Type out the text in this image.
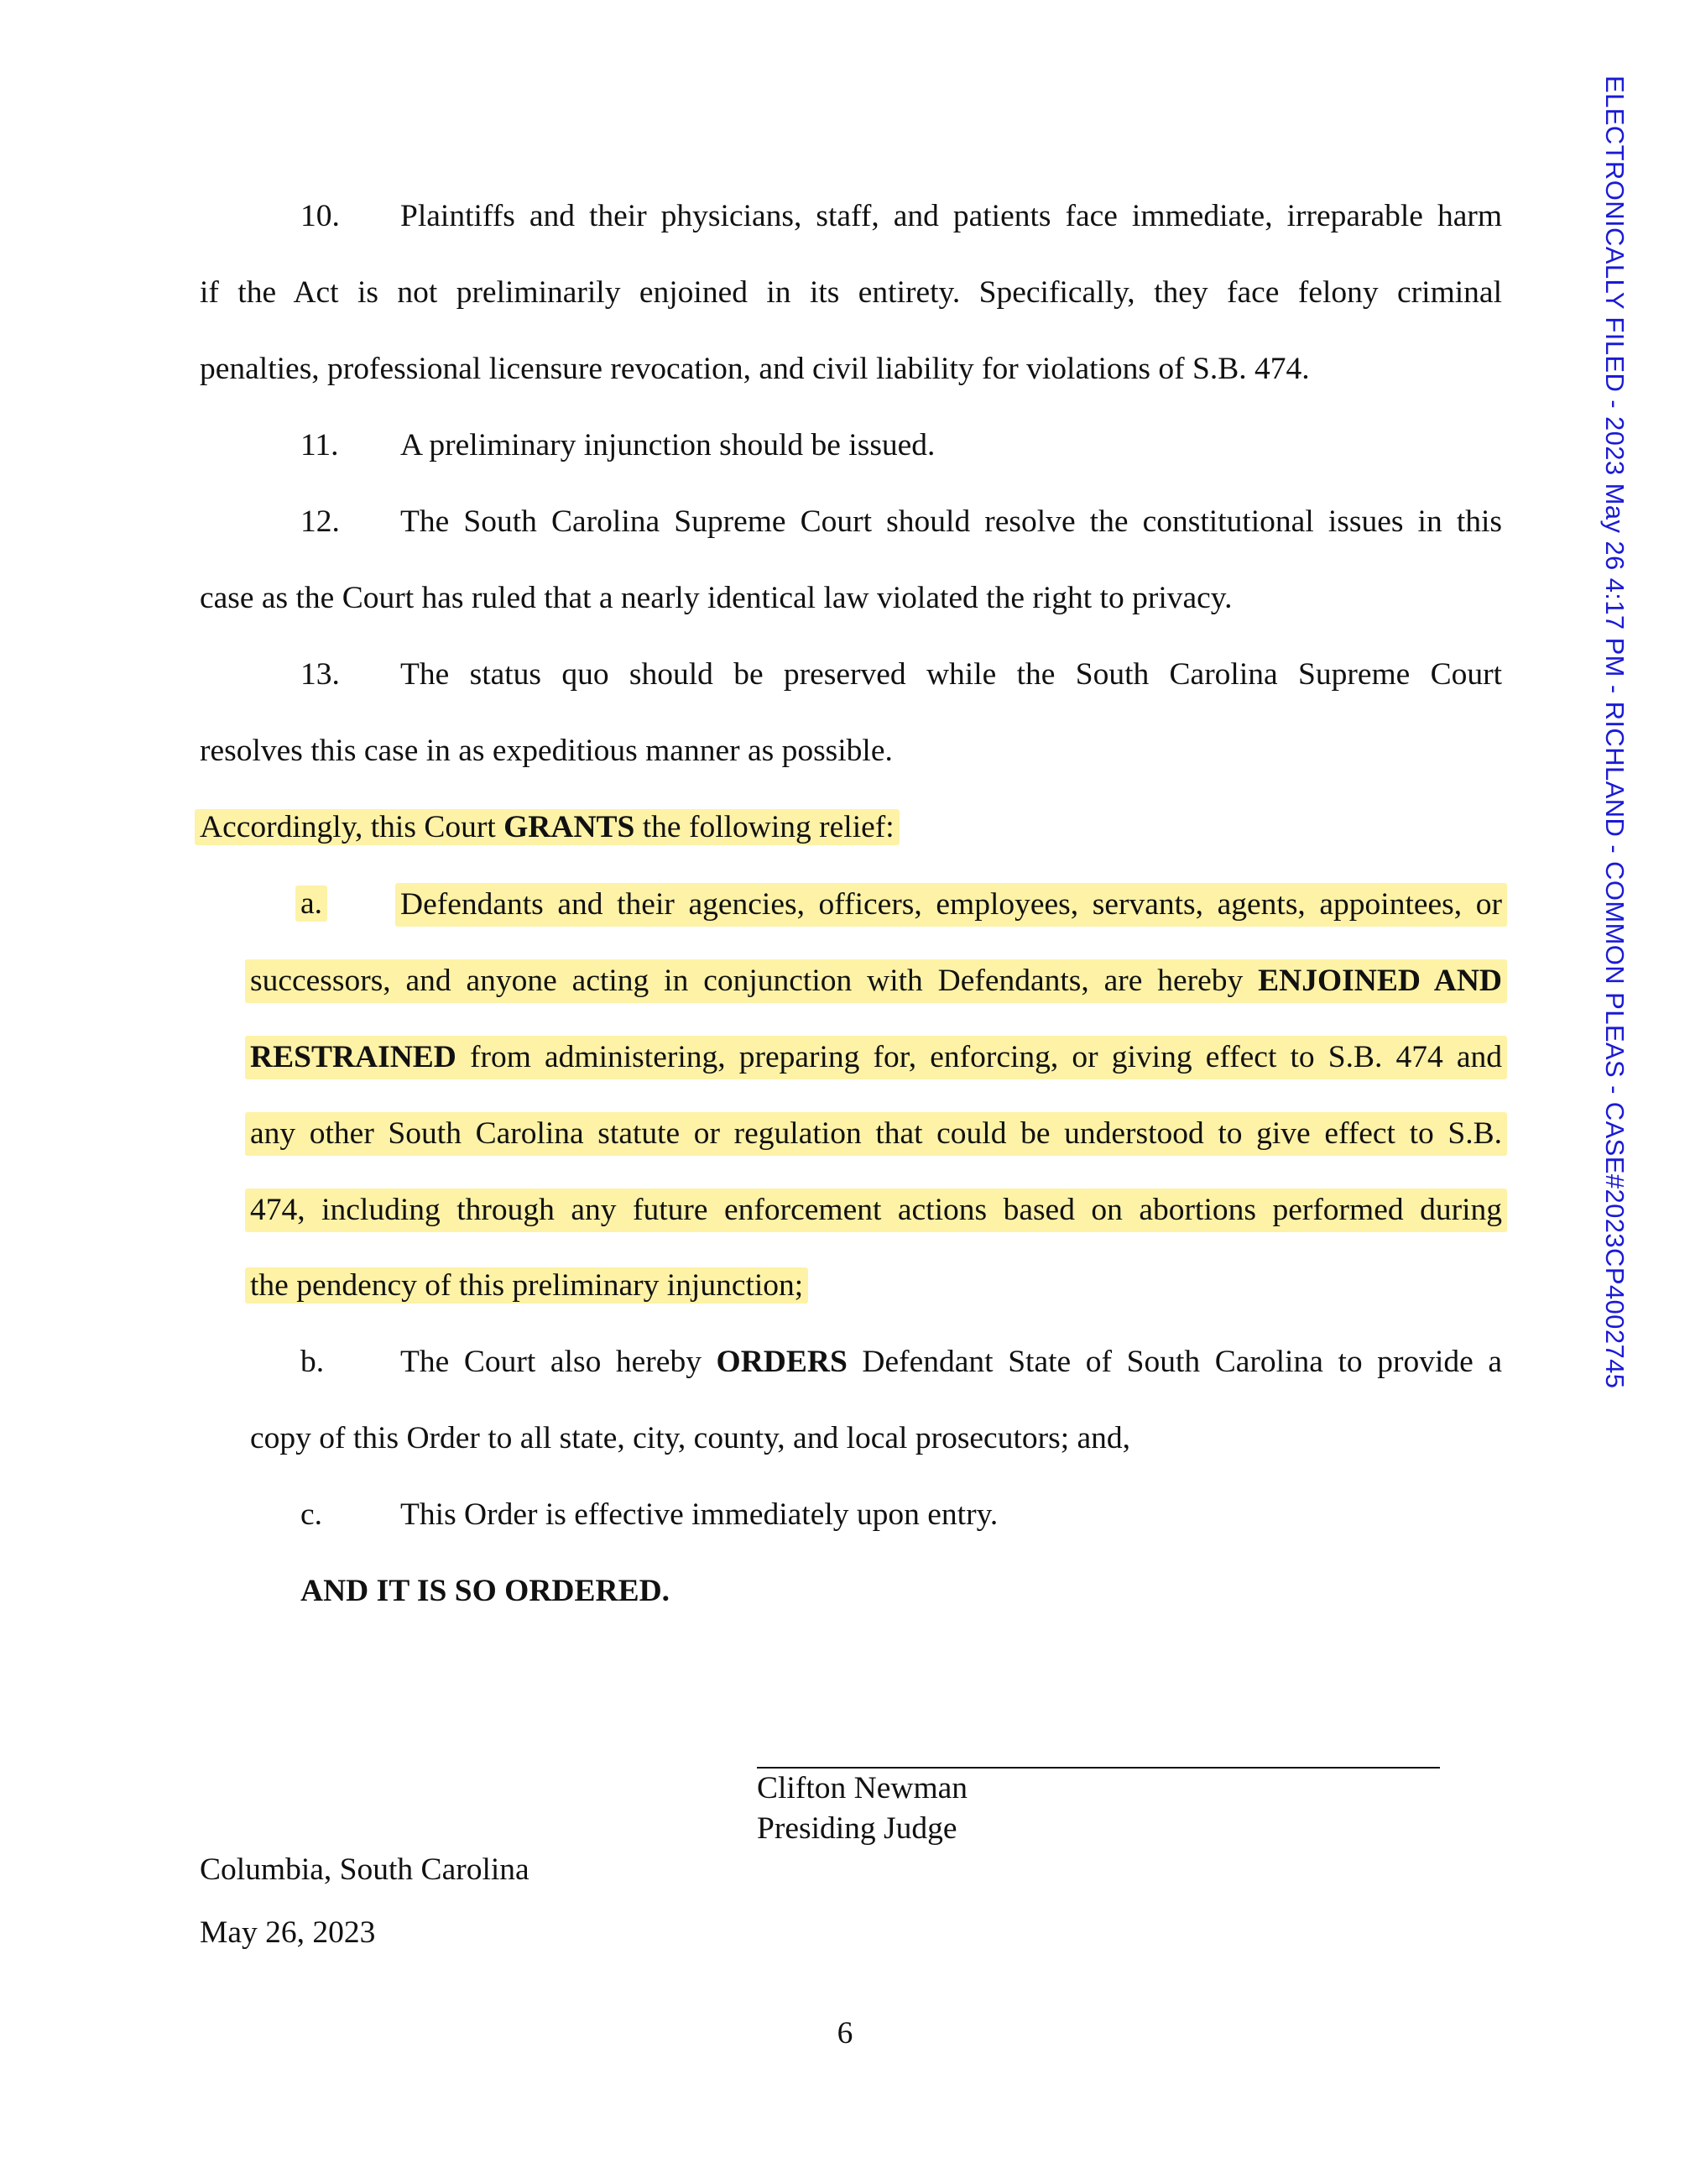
ELECTRONICALLY FILED - 2023 May 26 4:17 PM - RICHLAND - COMMON PLEAS - CASE#2023CP4002745
10. Plaintiffs and their physicians, staff, and patients face immediate, irreparable harm
if the Act is not preliminarily enjoined in its entirety. Specifically, they face felony criminal
penalties, professional licensure revocation, and civil liability for violations of S.B. 474.
11. A preliminary injunction should be issued.
12. The South Carolina Supreme Court should resolve the constitutional issues in this
case as the Court has ruled that a nearly identical law violated the right to privacy.
13. The status quo should be preserved while the South Carolina Supreme Court
resolves this case in as expeditious manner as possible.
Accordingly, this Court GRANTS the following relief:
a. Defendants and their agencies, officers, employees, servants, agents, appointees, or
successors, and anyone acting in conjunction with Defendants, are hereby ENJOINED AND
RESTRAINED from administering, preparing for, enforcing, or giving effect to S.B. 474 and
any other South Carolina statute or regulation that could be understood to give effect to S.B.
474, including through any future enforcement actions based on abortions performed during
the pendency of this preliminary injunction;
b. The Court also hereby ORDERS Defendant State of South Carolina to provide a
copy of this Order to all state, city, county, and local prosecutors; and,
c. This Order is effective immediately upon entry.
AND IT IS SO ORDERED.
Clifton Newman
Presiding Judge
Columbia, South Carolina
May 26, 2023
6
